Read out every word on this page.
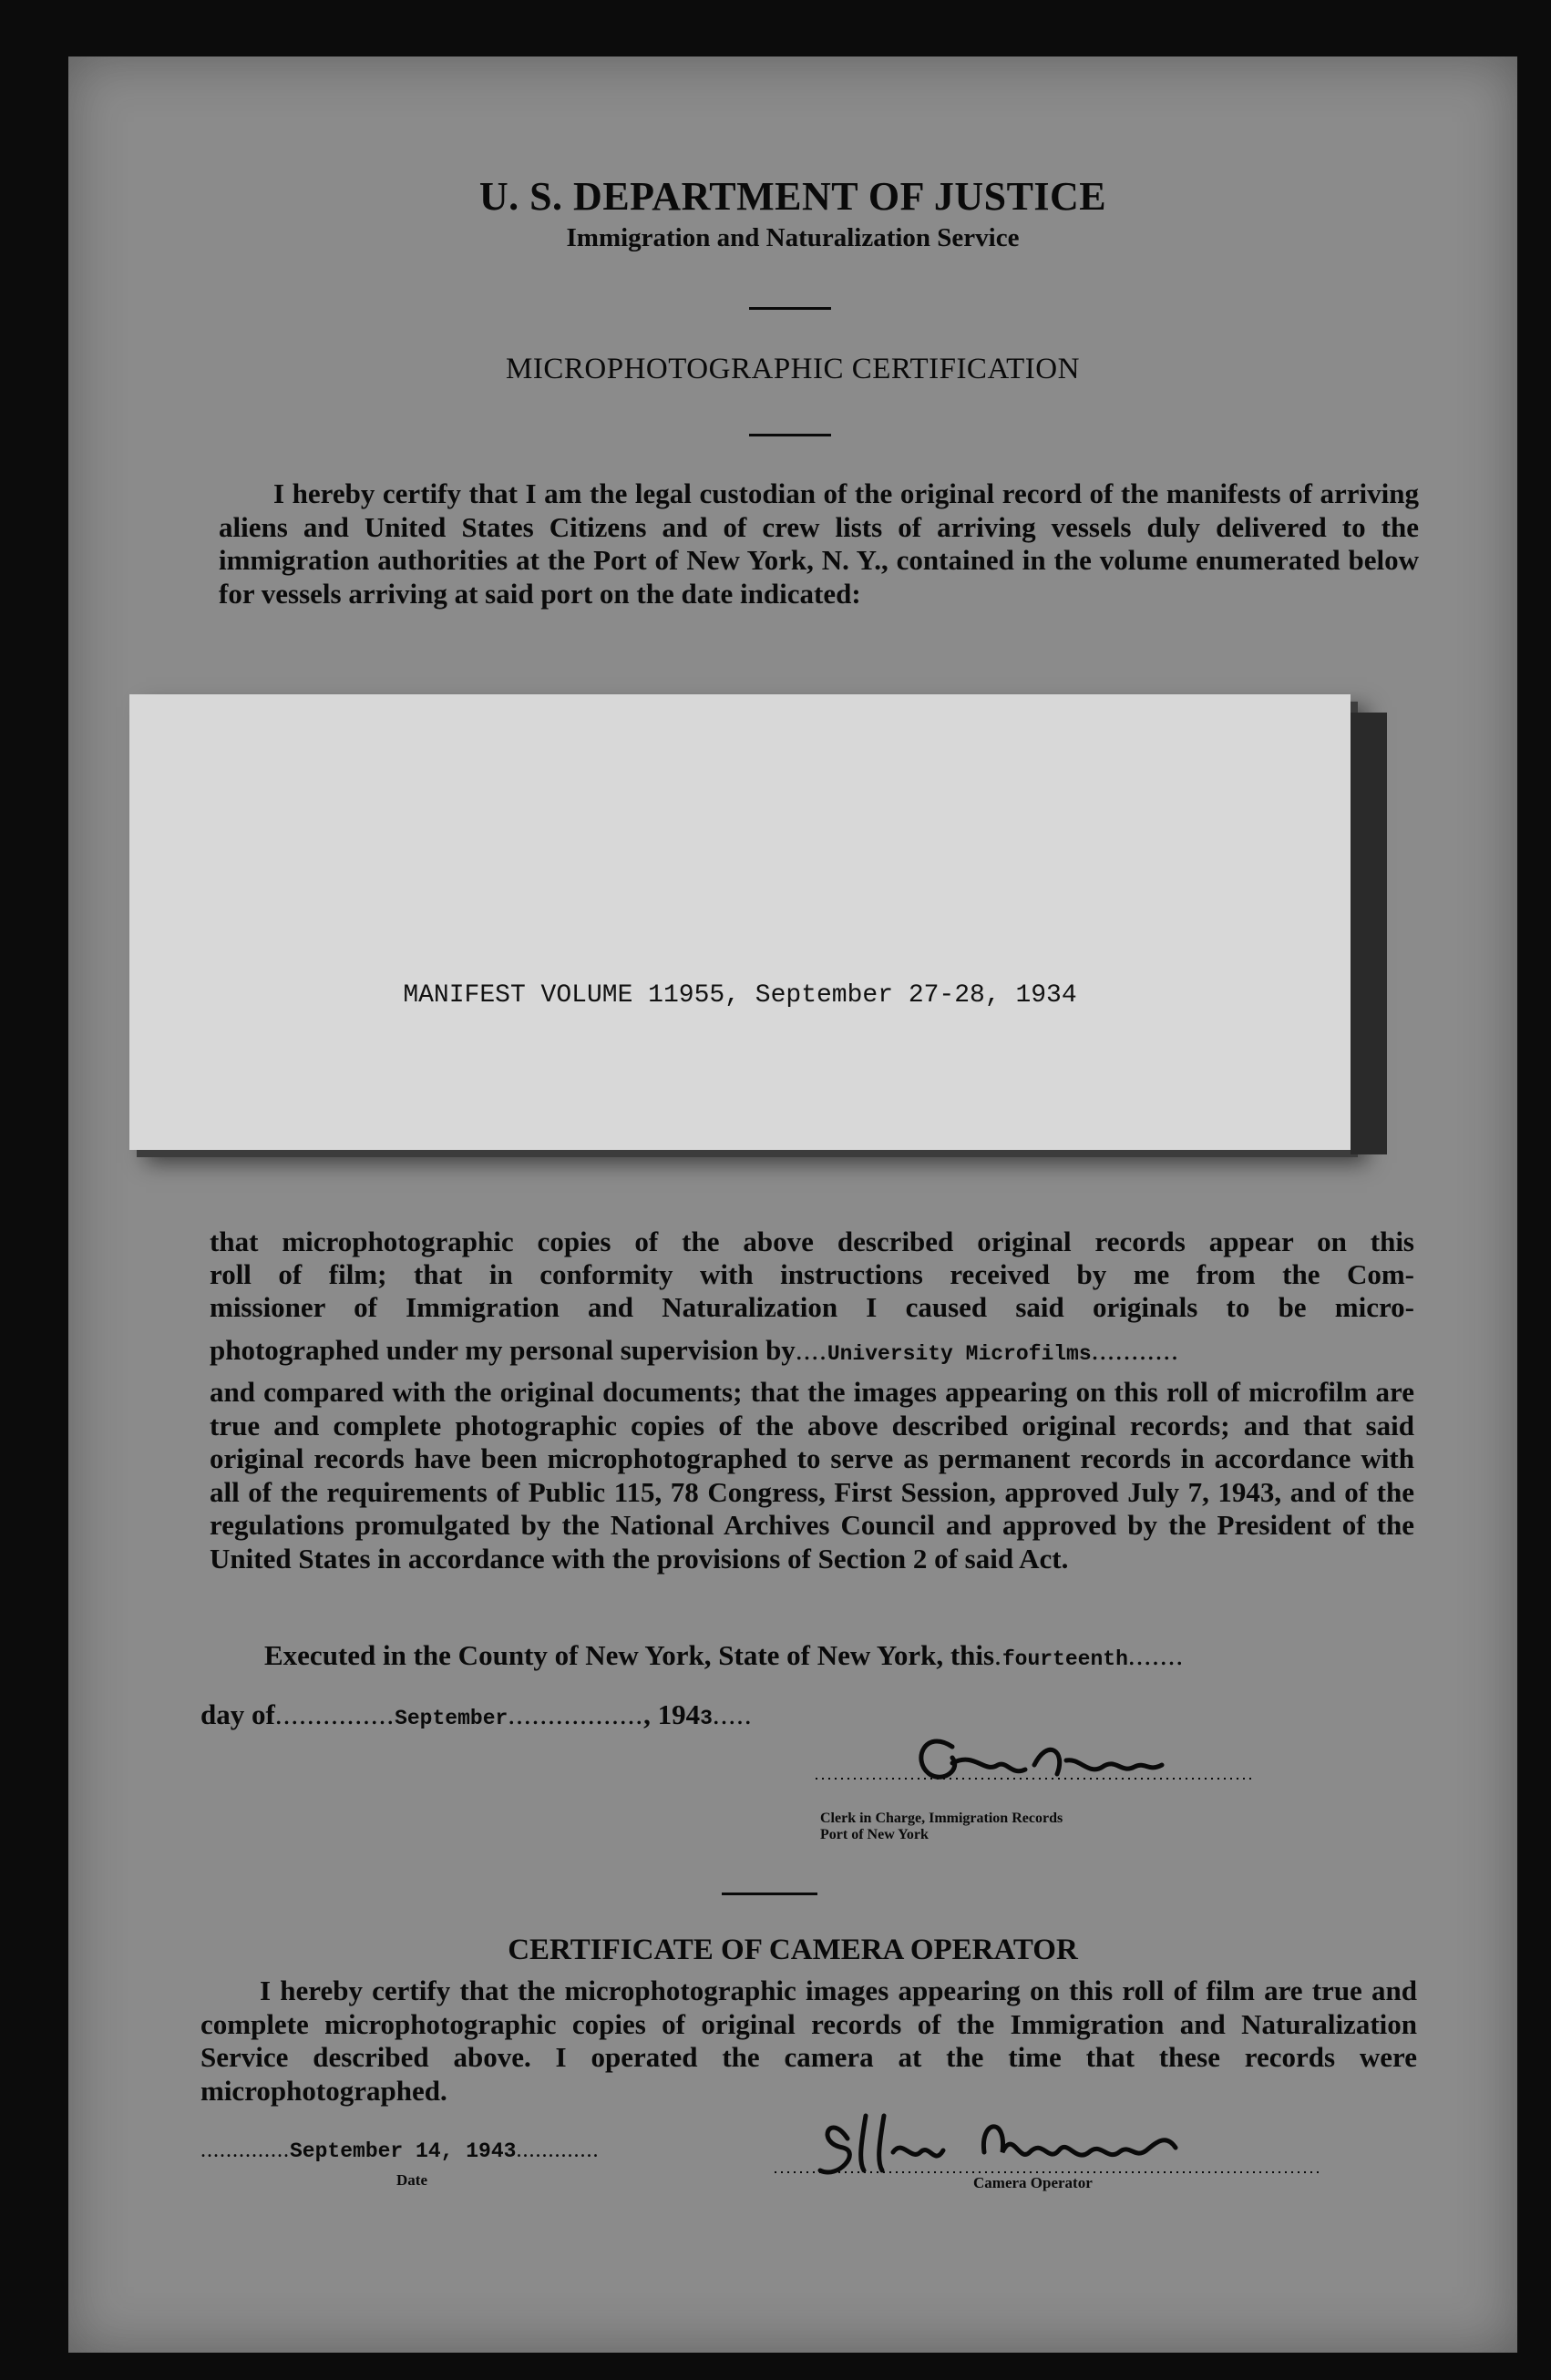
U. S. DEPARTMENT OF JUSTICE
Immigration and Naturalization Service
MICROPHOTOGRAPHIC CERTIFICATION
I hereby certify that I am the legal custodian of the original record of the manifests of arriving aliens and United States Citizens and of crew lists of arriving vessels duly delivered to the immigration authorities at the Port of New York, N. Y., contained in the volume enumerated below for vessels arriving at said port on the date indicated:
MANIFEST VOLUME 11955, September 27-28, 1934
that microphotographic copies of the above described original records appear on this
roll of film; that in conformity with instructions received by me from the Com-
missioner of Immigration and Naturalization I caused said originals to be micro-
photographed under my personal supervision by....University Microfilms...........
and compared with the original documents; that the images appearing on this roll of microfilm are true and complete photographic copies of the above described original records; and that said original records have been microphotographed to serve as permanent records in accordance with all of the requirements of Public 115, 78 Congress, First Session, approved July 7, 1943, and of the regulations promulgated by the National Archives Council and approved by the President of the United States in accordance with the provisions of Section 2 of said Act.
Executed in the County of New York, State of New York, this.fourteenth.......
day of...............September................., 1943.....
Clerk in Charge, Immigration Records
Port of New York
CERTIFICATE OF CAMERA OPERATOR
I hereby certify that the microphotographic images appearing on this roll of film are true and complete microphotographic copies of original records of the Immigration and Naturalization Service described above. I operated the camera at the time that these records were microphotographed.
..............September 14, 1943.............
Date	Camera Operator
